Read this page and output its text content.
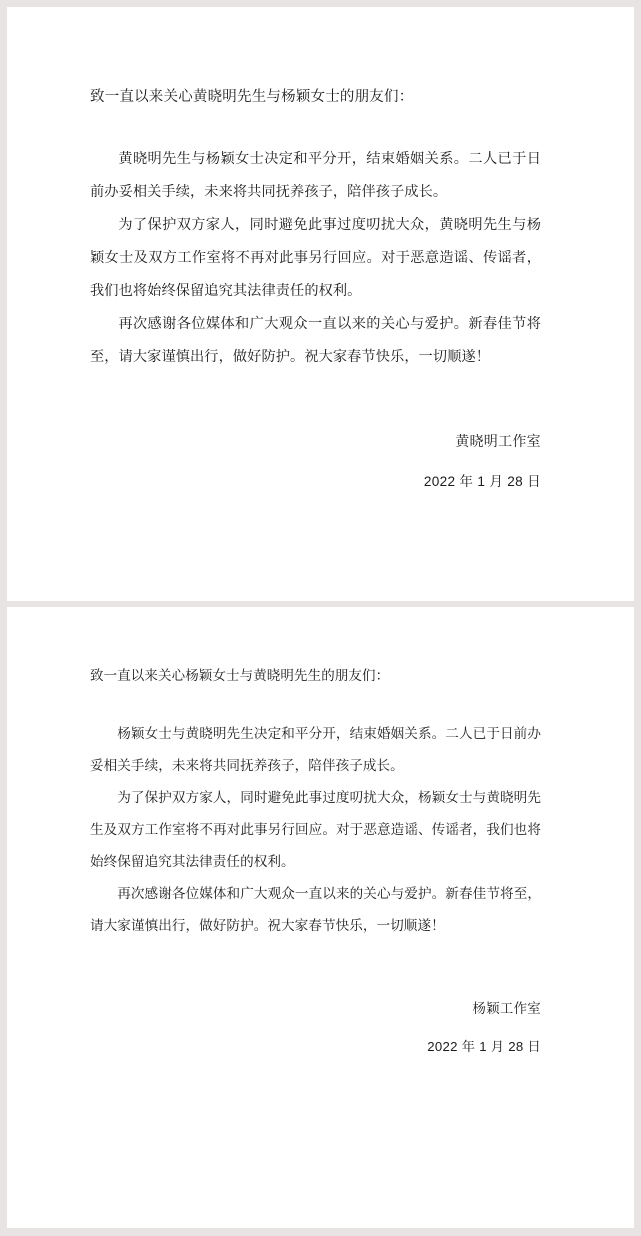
致一直以来关心黄晓明先生与杨颖女士的朋友们：

黄晓明先生与杨颖女士决定和平分开，结束婚姻关系。二人已于日前办妥相关手续，未来将共同抚养孩子，陪伴孩子成长。

为了保护双方家人，同时避免此事过度叨扰大众，黄晓明先生与杨颖女士及双方工作室将不再对此事另行回应。对于恶意造谣、传谣者，我们也将始终保留追究其法律责任的权利。

再次感谢各位媒体和广大观众一直以来的关心与爱护。新春佳节将至，请大家谨慎出行，做好防护。祝大家春节快乐，一切顺遂！

黄晓明工作室
2022 年 1 月 28 日
致一直以来关心杨颖女士与黄晓明先生的朋友们：

杨颖女士与黄晓明先生决定和平分开，结束婚姻关系。二人已于日前办妥相关手续，未来将共同抚养孩子，陪伴孩子成长。

为了保护双方家人，同时避免此事过度叨扰大众，杨颖女士与黄晓明先生及双方工作室将不再对此事另行回应。对于恶意造谣、传谣者，我们也将始终保留追究其法律责任的权利。

再次感谢各位媒体和广大观众一直以来的关心与爱护。新春佳节将至，请大家谨慎出行，做好防护。祝大家春节快乐，一切顺遂！

杨颖工作室
2022 年 1 月 28 日
